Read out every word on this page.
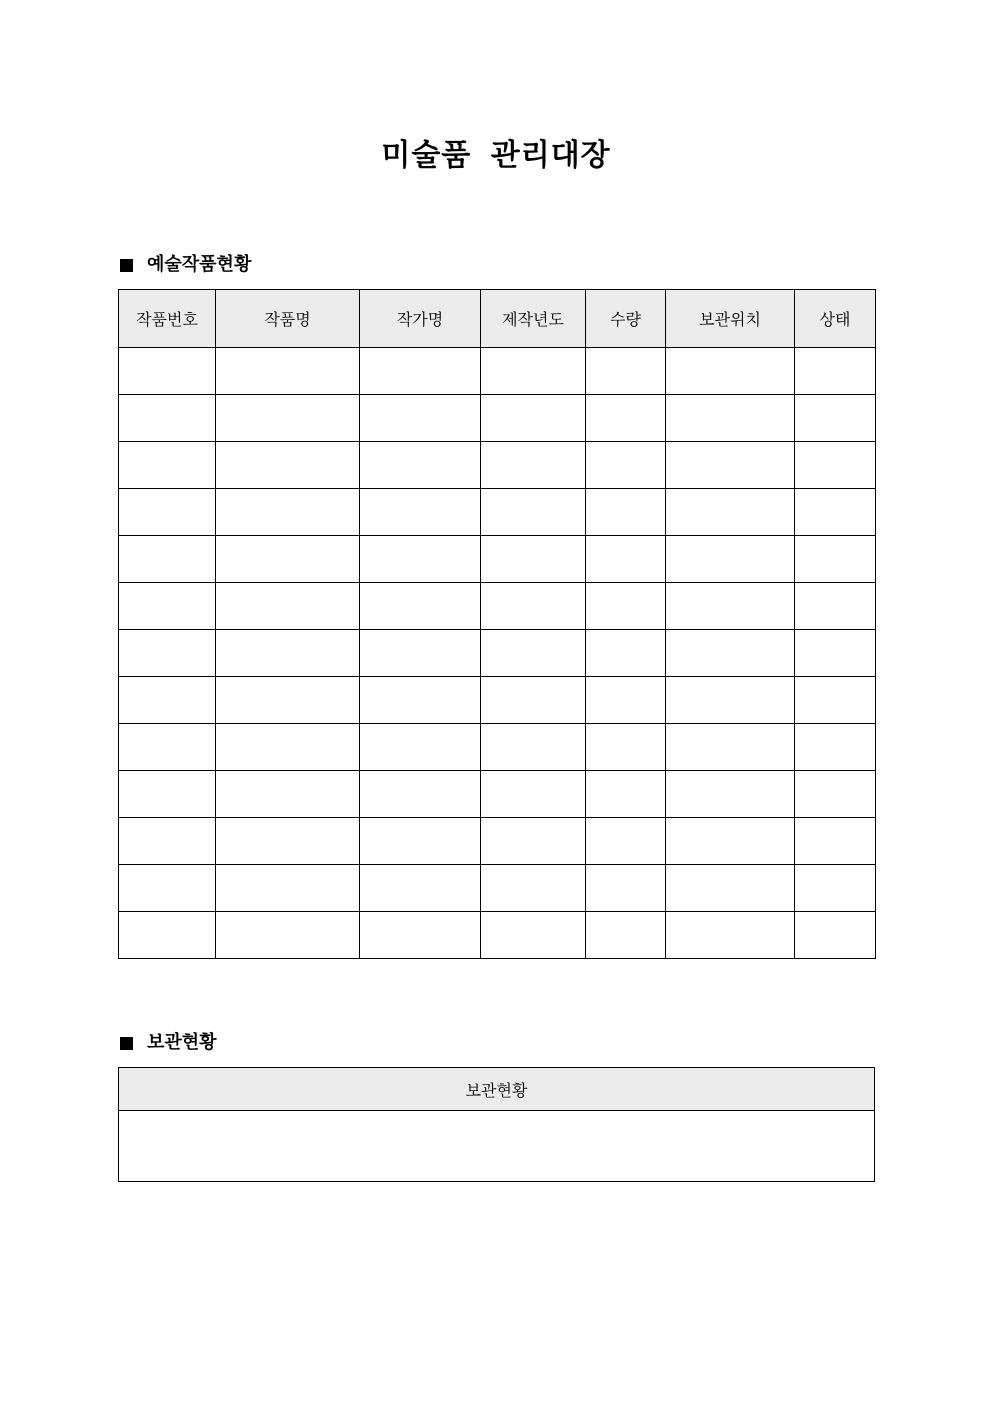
미술품 관리대장
예술작품현황
작품번호	작품명	작가명	제작년도	수량	보관위치	상태

보관현황
보관현황
